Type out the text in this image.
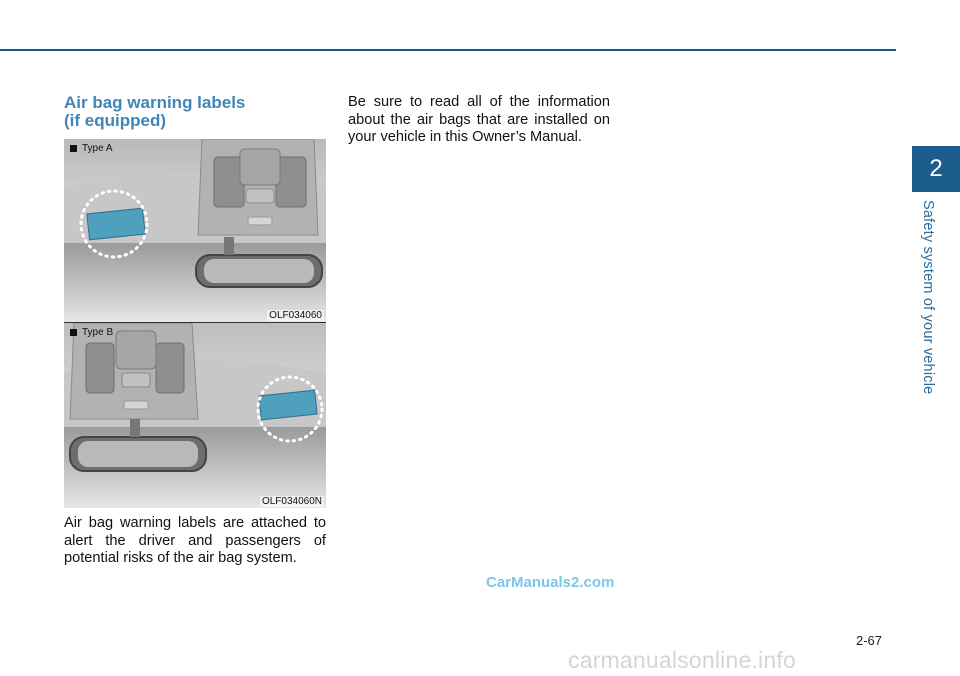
2
Safety system of your vehicle
Air bag warning labels
(if equipped)
Type A
OLF034060
Type B
OLF034060N

Air bag warning labels are attached to alert the driver and passengers of potential risks of the air bag system.

Be sure to read all of the information about the air bags that are installed on your vehicle in this Owner’s Manual.

CarManuals2.com
2-67
carmanualsonline.info
